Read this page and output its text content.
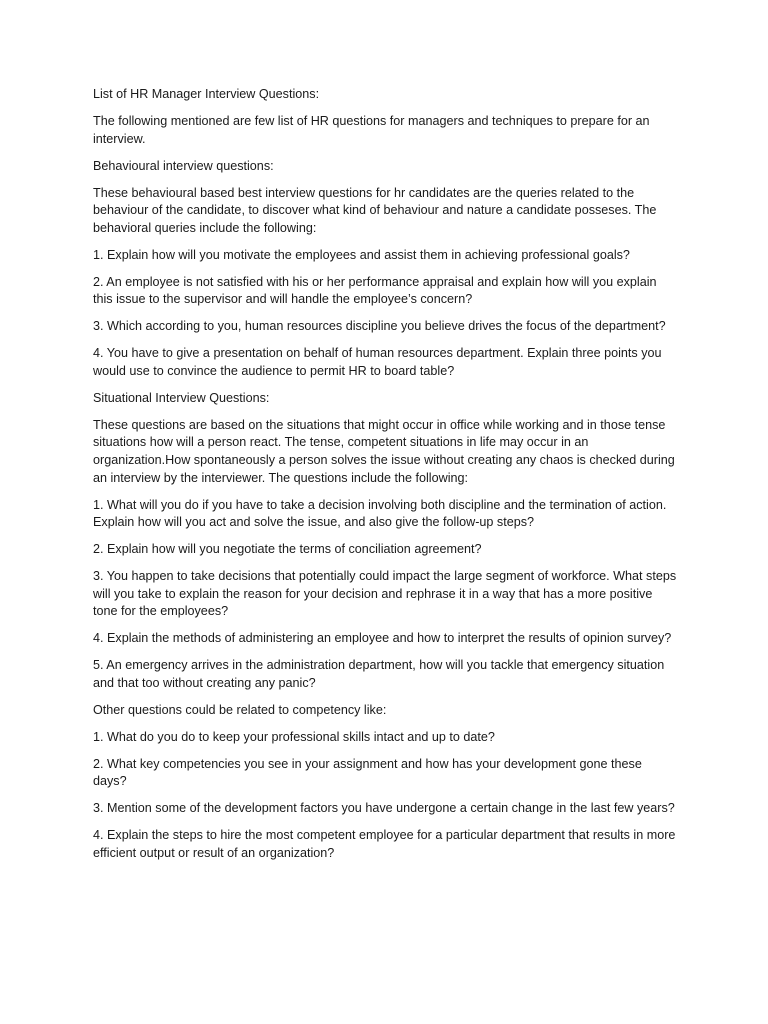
List of HR Manager Interview Questions:

The following mentioned are few list of HR questions for managers and techniques to prepare for an interview.

Behavioural interview questions:

These behavioural based best interview questions for hr candidates are the queries related to the behaviour of the candidate, to discover what kind of behaviour and nature a candidate posseses. The behavioral queries include the following:

1. Explain how will you motivate the employees and assist them in achieving professional goals?

2. An employee is not satisfied with his or her performance appraisal and explain how will you explain this issue to the supervisor and will handle the employee’s concern?

3. Which according to you, human resources discipline you believe drives the focus of the department?

4. You have to give a presentation on behalf of human resources department. Explain three points you would use to convince the audience to permit HR to board table?

Situational Interview Questions:

These questions are based on the situations that might occur in office while working and in those tense situations how will a person react. The tense, competent situations in life may occur in an organization.How spontaneously a person solves the issue without creating any chaos is checked during an interview by the interviewer. The questions include the following:

1. What will you do if you have to take a decision involving both discipline and the termination of action. Explain how will you act and solve the issue, and also give the follow-up steps?

2. Explain how will you negotiate the terms of conciliation agreement?

3. You happen to take decisions that potentially could impact the large segment of workforce. What steps will you take to explain the reason for your decision and rephrase it in a way that has a more positive tone for the employees?

4. Explain the methods of administering an employee and how to interpret the results of opinion survey?

5. An emergency arrives in the administration department, how will you tackle that emergency situation and that too without creating any panic?

Other questions could be related to competency like:

1. What do you do to keep your professional skills intact and up to date?

2. What key competencies you see in your assignment and how has your development gone these days?

3. Mention some of the development factors you have undergone a certain change in the last few years?

4. Explain the steps to hire the most competent employee for a particular department that results in more efficient output or result of an organization?
